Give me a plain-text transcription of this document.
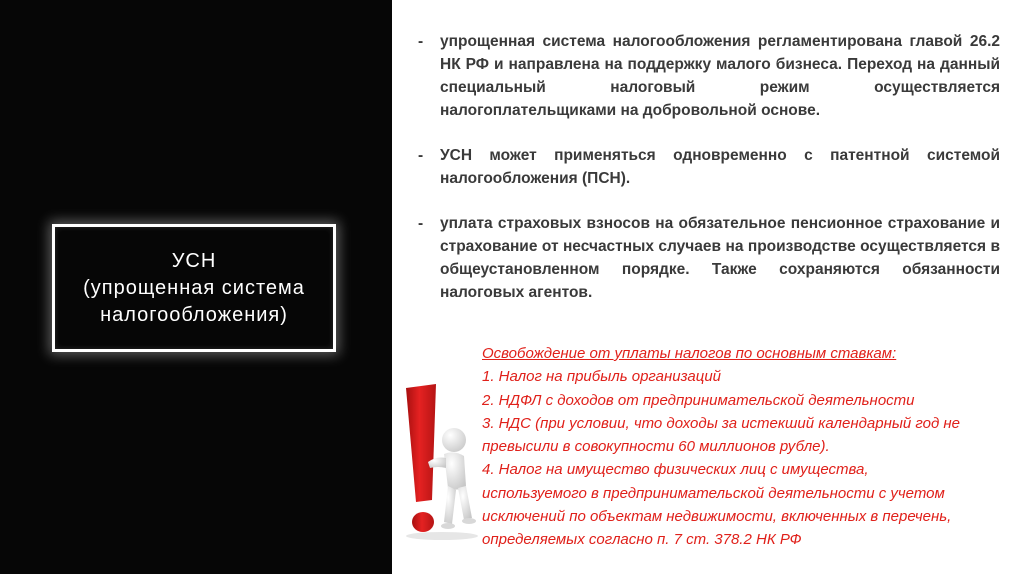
УСН
(упрощенная система
налогообложения)
-	упрощенная система налогообложения регламентирована главой 26.2 НК РФ и направлена на поддержку малого бизнеса. Переход на данный специальный налоговый режим осуществляется налогоплательщиками на добровольной основе.
-	УСН может применяться одновременно с патентной системой налогообложения (ПСН).
-	уплата страховых взносов на обязательное пенсионное страхование и страхование от несчастных случаев на производстве осуществляется в общеустановленном порядке. Также сохраняются обязанности налоговых агентов.
Освобождение от уплаты налогов по основным ставкам:
1. Налог на прибыль организаций
2. НДФЛ с доходов от предпринимательской деятельности
3. НДС (при условии, что доходы за истекший календарный год не
превысили в совокупности 60 миллионов рубле).
4. Налог на имущество физических лиц с имущества,
используемого в предпринимательской деятельности с учетом
исключений по объектам недвижимости, включенных в перечень,
определяемых согласно п. 7 ст. 378.2 НК РФ
